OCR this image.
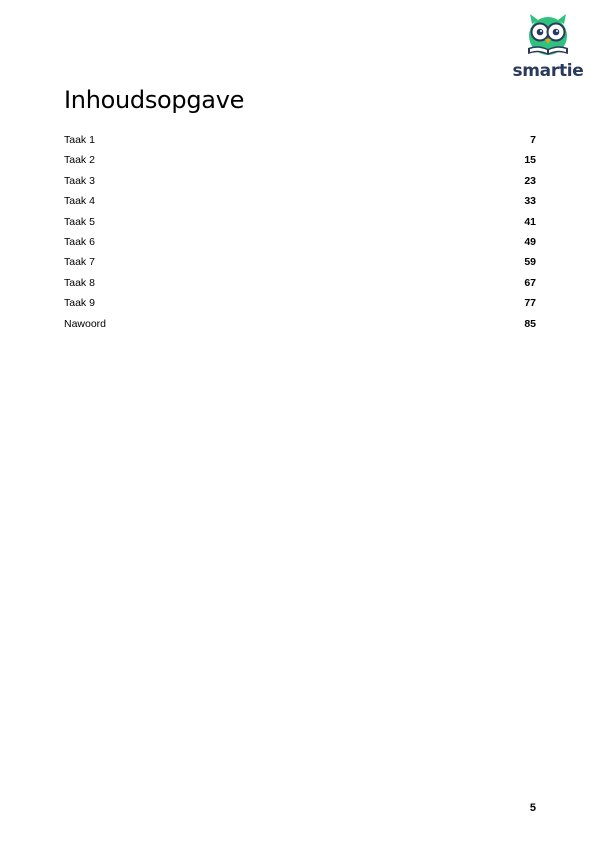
smartie
Inhoudsopgave
Taak 1	7
Taak 2	15
Taak 3	23
Taak 4	33
Taak 5	41
Taak 6	49
Taak 7	59
Taak 8	67
Taak 9	77
Nawoord	85
5
